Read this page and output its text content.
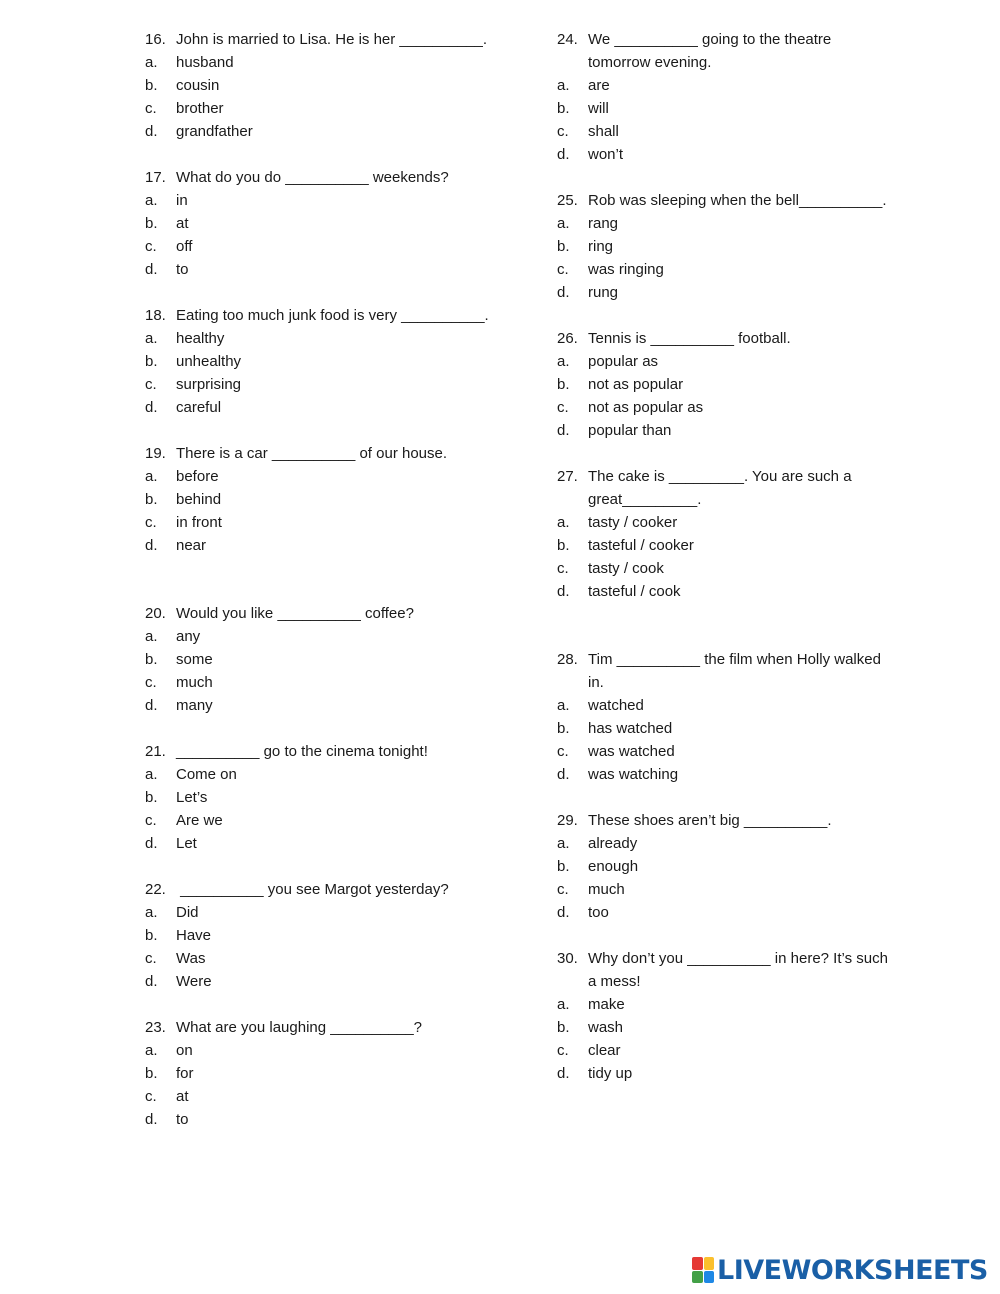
16. John is married to Lisa. He is her __________.
a.	husband
b.	cousin
c.	brother
d.	grandfather
17. What do you do __________ weekends?
a.	in
b.	at
c.	off
d.	to
18. Eating too much junk food is very __________.
a.	healthy
b.	unhealthy
c.	surprising
d.	careful
19. There is a car __________ of our house.
a.	before
b.	behind
c.	in front
d.	near
20. Would you like __________ coffee?
a.	any
b.	some
c.	much
d.	many
21. __________ go to the cinema tonight!
a.	Come on
b.	Let’s
c.	Are we
d.	Let
22. __________ you see Margot yesterday?
a.	Did
b.	Have
c.	Was
d.	Were
23. What are you laughing __________?
a.	on
b.	for
c.	at
d.	to
24. We __________ going to the theatre tomorrow evening.
a.	are
b.	will
c.	shall
d.	won’t
25. Rob was sleeping when the bell__________.
a.	rang
b.	ring
c.	was ringing
d.	rung
26. Tennis is __________ football.
a.	popular as
b.	not as popular
c.	not as popular as
d.	popular than
27. The cake is _________. You are such a great_________.
a.	tasty / cooker
b.	tasteful / cooker
c.	tasty / cook
d.	tasteful / cook
28. Tim __________ the film when Holly walked in.
a.	watched
b.	has watched
c.	was watched
d.	was watching
29. These shoes aren’t big __________.
a.	already
b.	enough
c.	much
d.	too
30. Why don’t you __________ in here? It’s such a mess!
a.	make
b.	wash
c.	clear
d.	tidy up
LIVEWORKSHEETS
